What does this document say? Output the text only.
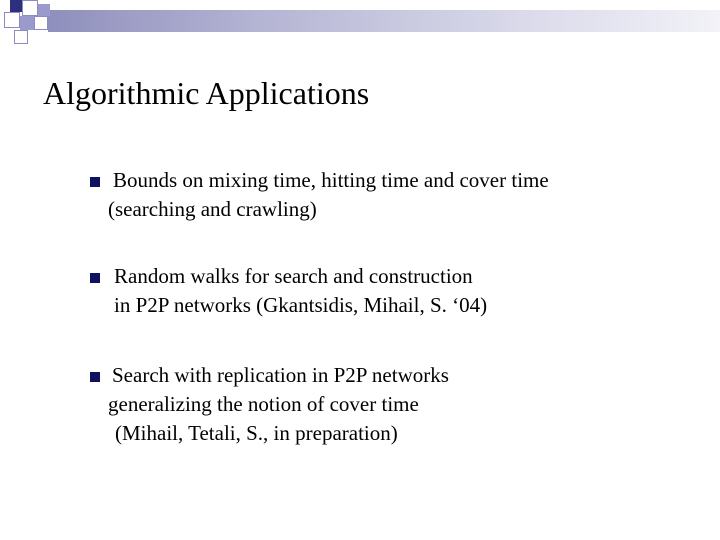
Algorithmic Applications
Bounds on mixing time, hitting time and cover time
(searching and crawling)
Random walks for search and construction
in P2P networks (Gkantsidis, Mihail, S. ‘04)
Search with replication in P2P networks
generalizing the notion of cover time
(Mihail, Tetali, S., in preparation)
